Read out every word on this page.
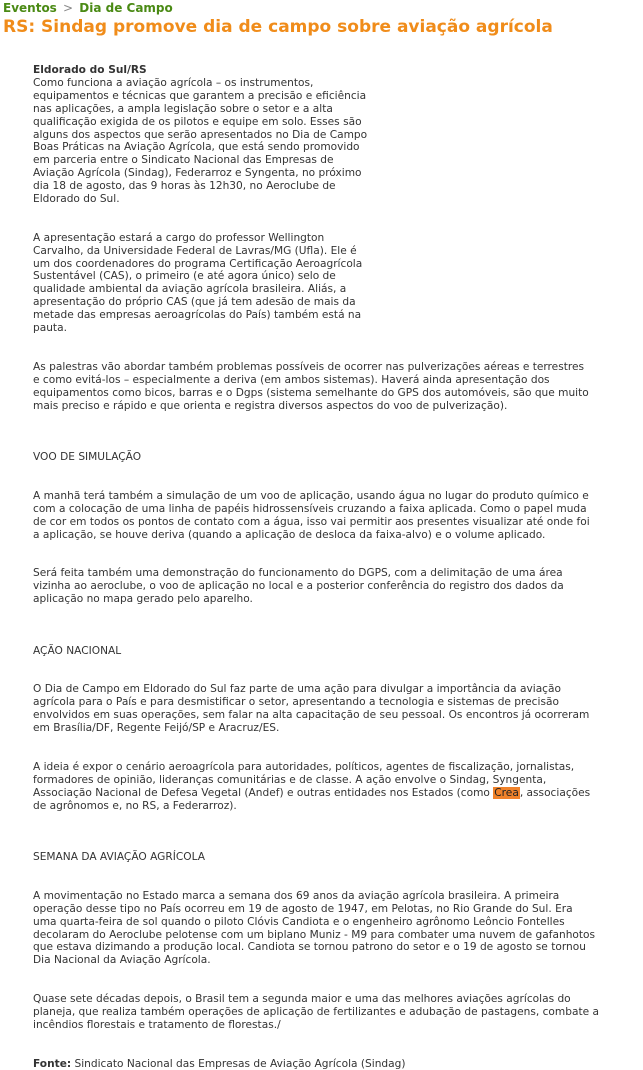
Eventos > Dia de Campo
RS: Sindag promove dia de campo sobre aviação agrícola

Eldorado do Sul/RS

Como funciona a aviação agrícola – os instrumentos,
equipamentos e técnicas que garantem a precisão e eficiência
nas aplicações, a ampla legislação sobre o setor e a alta
qualificação exigida de os pilotos e equipe em solo. Esses são
alguns dos aspectos que serão apresentados no Dia de Campo
Boas Práticas na Aviação Agrícola, que está sendo promovido
em parceria entre o Sindicato Nacional das Empresas de
Aviação Agrícola (Sindag), Federarroz e Syngenta, no próximo
dia 18 de agosto, das 9 horas às 12h30, no Aeroclube de
Eldorado do Sul.

A apresentação estará a cargo do professor Wellington
Carvalho, da Universidade Federal de Lavras/MG (Ufla). Ele é
um dos coordenadores do programa Certificação Aeroagrícola
Sustentável (CAS), o primeiro (e até agora único) selo de
qualidade ambiental da aviação agrícola brasileira. Aliás, a
apresentação do próprio CAS (que já tem adesão de mais da
metade das empresas aeroagrícolas do País) também está na
pauta.

As palestras vão abordar também problemas possíveis de ocorrer nas pulverizações aéreas e terrestres
e como evitá-los – especialmente a deriva (em ambos sistemas). Haverá ainda apresentação dos
equipamentos como bicos, barras e o Dgps (sistema semelhante do GPS dos automóveis, são que muito
mais preciso e rápido e que orienta e registra diversos aspectos do voo de pulverização).

VOO DE SIMULAÇÃO

A manhã terá também a simulação de um voo de aplicação, usando água no lugar do produto químico e
com a colocação de uma linha de papéis hidrossensíveis cruzando a faixa aplicada. Como o papel muda
de cor em todos os pontos de contato com a água, isso vai permitir aos presentes visualizar até onde foi
a aplicação, se houve deriva (quando a aplicação de desloca da faixa-alvo) e o volume aplicado.

Será feita também uma demonstração do funcionamento do DGPS, com a delimitação de uma área
vizinha ao aeroclube, o voo de aplicação no local e a posterior conferência do registro dos dados da
aplicação no mapa gerado pelo aparelho.

AÇÃO NACIONAL

O Dia de Campo em Eldorado do Sul faz parte de uma ação para divulgar a importância da aviação
agrícola para o País e para desmistificar o setor, apresentando a tecnologia e sistemas de precisão
envolvidos em suas operações, sem falar na alta capacitação de seu pessoal. Os encontros já ocorreram
em Brasília/DF, Regente Feijó/SP e Aracruz/ES.

A ideia é expor o cenário aeroagrícola para autoridades, políticos, agentes de fiscalização, jornalistas,
formadores de opinião, lideranças comunitárias e de classe. A ação envolve o Sindag, Syngenta,
Associação Nacional de Defesa Vegetal (Andef) e outras entidades nos Estados (como Crea, associações
de agrônomos e, no RS, a Federarroz).

SEMANA DA AVIAÇÃO AGRÍCOLA

A movimentação no Estado marca a semana dos 69 anos da aviação agrícola brasileira. A primeira
operação desse tipo no País ocorreu em 19 de agosto de 1947, em Pelotas, no Rio Grande do Sul. Era
uma quarta-feira de sol quando o piloto Clóvis Candiota e o engenheiro agrônomo Leôncio Fontelles
decolaram do Aeroclube pelotense com um biplano Muniz - M9 para combater uma nuvem de gafanhotos
que estava dizimando a produção local. Candiota se tornou patrono do setor e o 19 de agosto se tornou
Dia Nacional da Aviação Agrícola.

Quase sete décadas depois, o Brasil tem a segunda maior e uma das melhores aviações agrícolas do
planeja, que realiza também operações de aplicação de fertilizantes e adubação de pastagens, combate a
incêndios florestais e tratamento de florestas./

Fonte: Sindicato Nacional das Empresas de Aviação Agrícola (Sindag)
